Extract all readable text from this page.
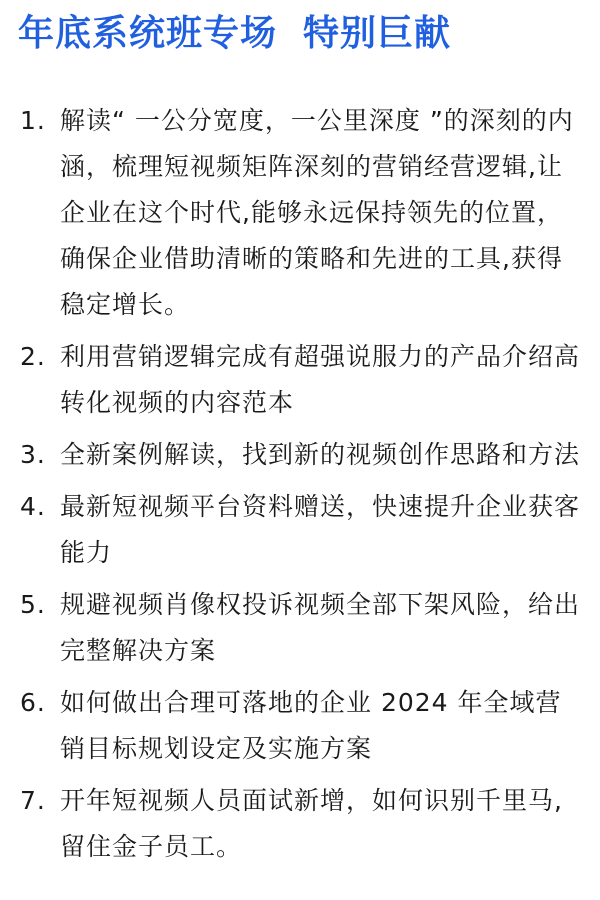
年底系统班专场 特别巨献
1. 解读“ 一公分宽度，一公里深度 ”的深刻的内涵，梳理短视频矩阵深刻的营销经营逻辑,让企业在这个时代,能够永远保持领先的位置，确保企业借助清晰的策略和先进的工具,获得稳定增长。
2. 利用营销逻辑完成有超强说服力的产品介绍高转化视频的内容范本
3. 全新案例解读，找到新的视频创作思路和方法
4. 最新短视频平台资料赠送，快速提升企业获客能力
5. 规避视频肖像权投诉视频全部下架风险，给出完整解决方案
6. 如何做出合理可落地的企业 2024 年全域营销目标规划设定及实施方案
7. 开年短视频人员面试新增，如何识别千里马,留住金子员工。
